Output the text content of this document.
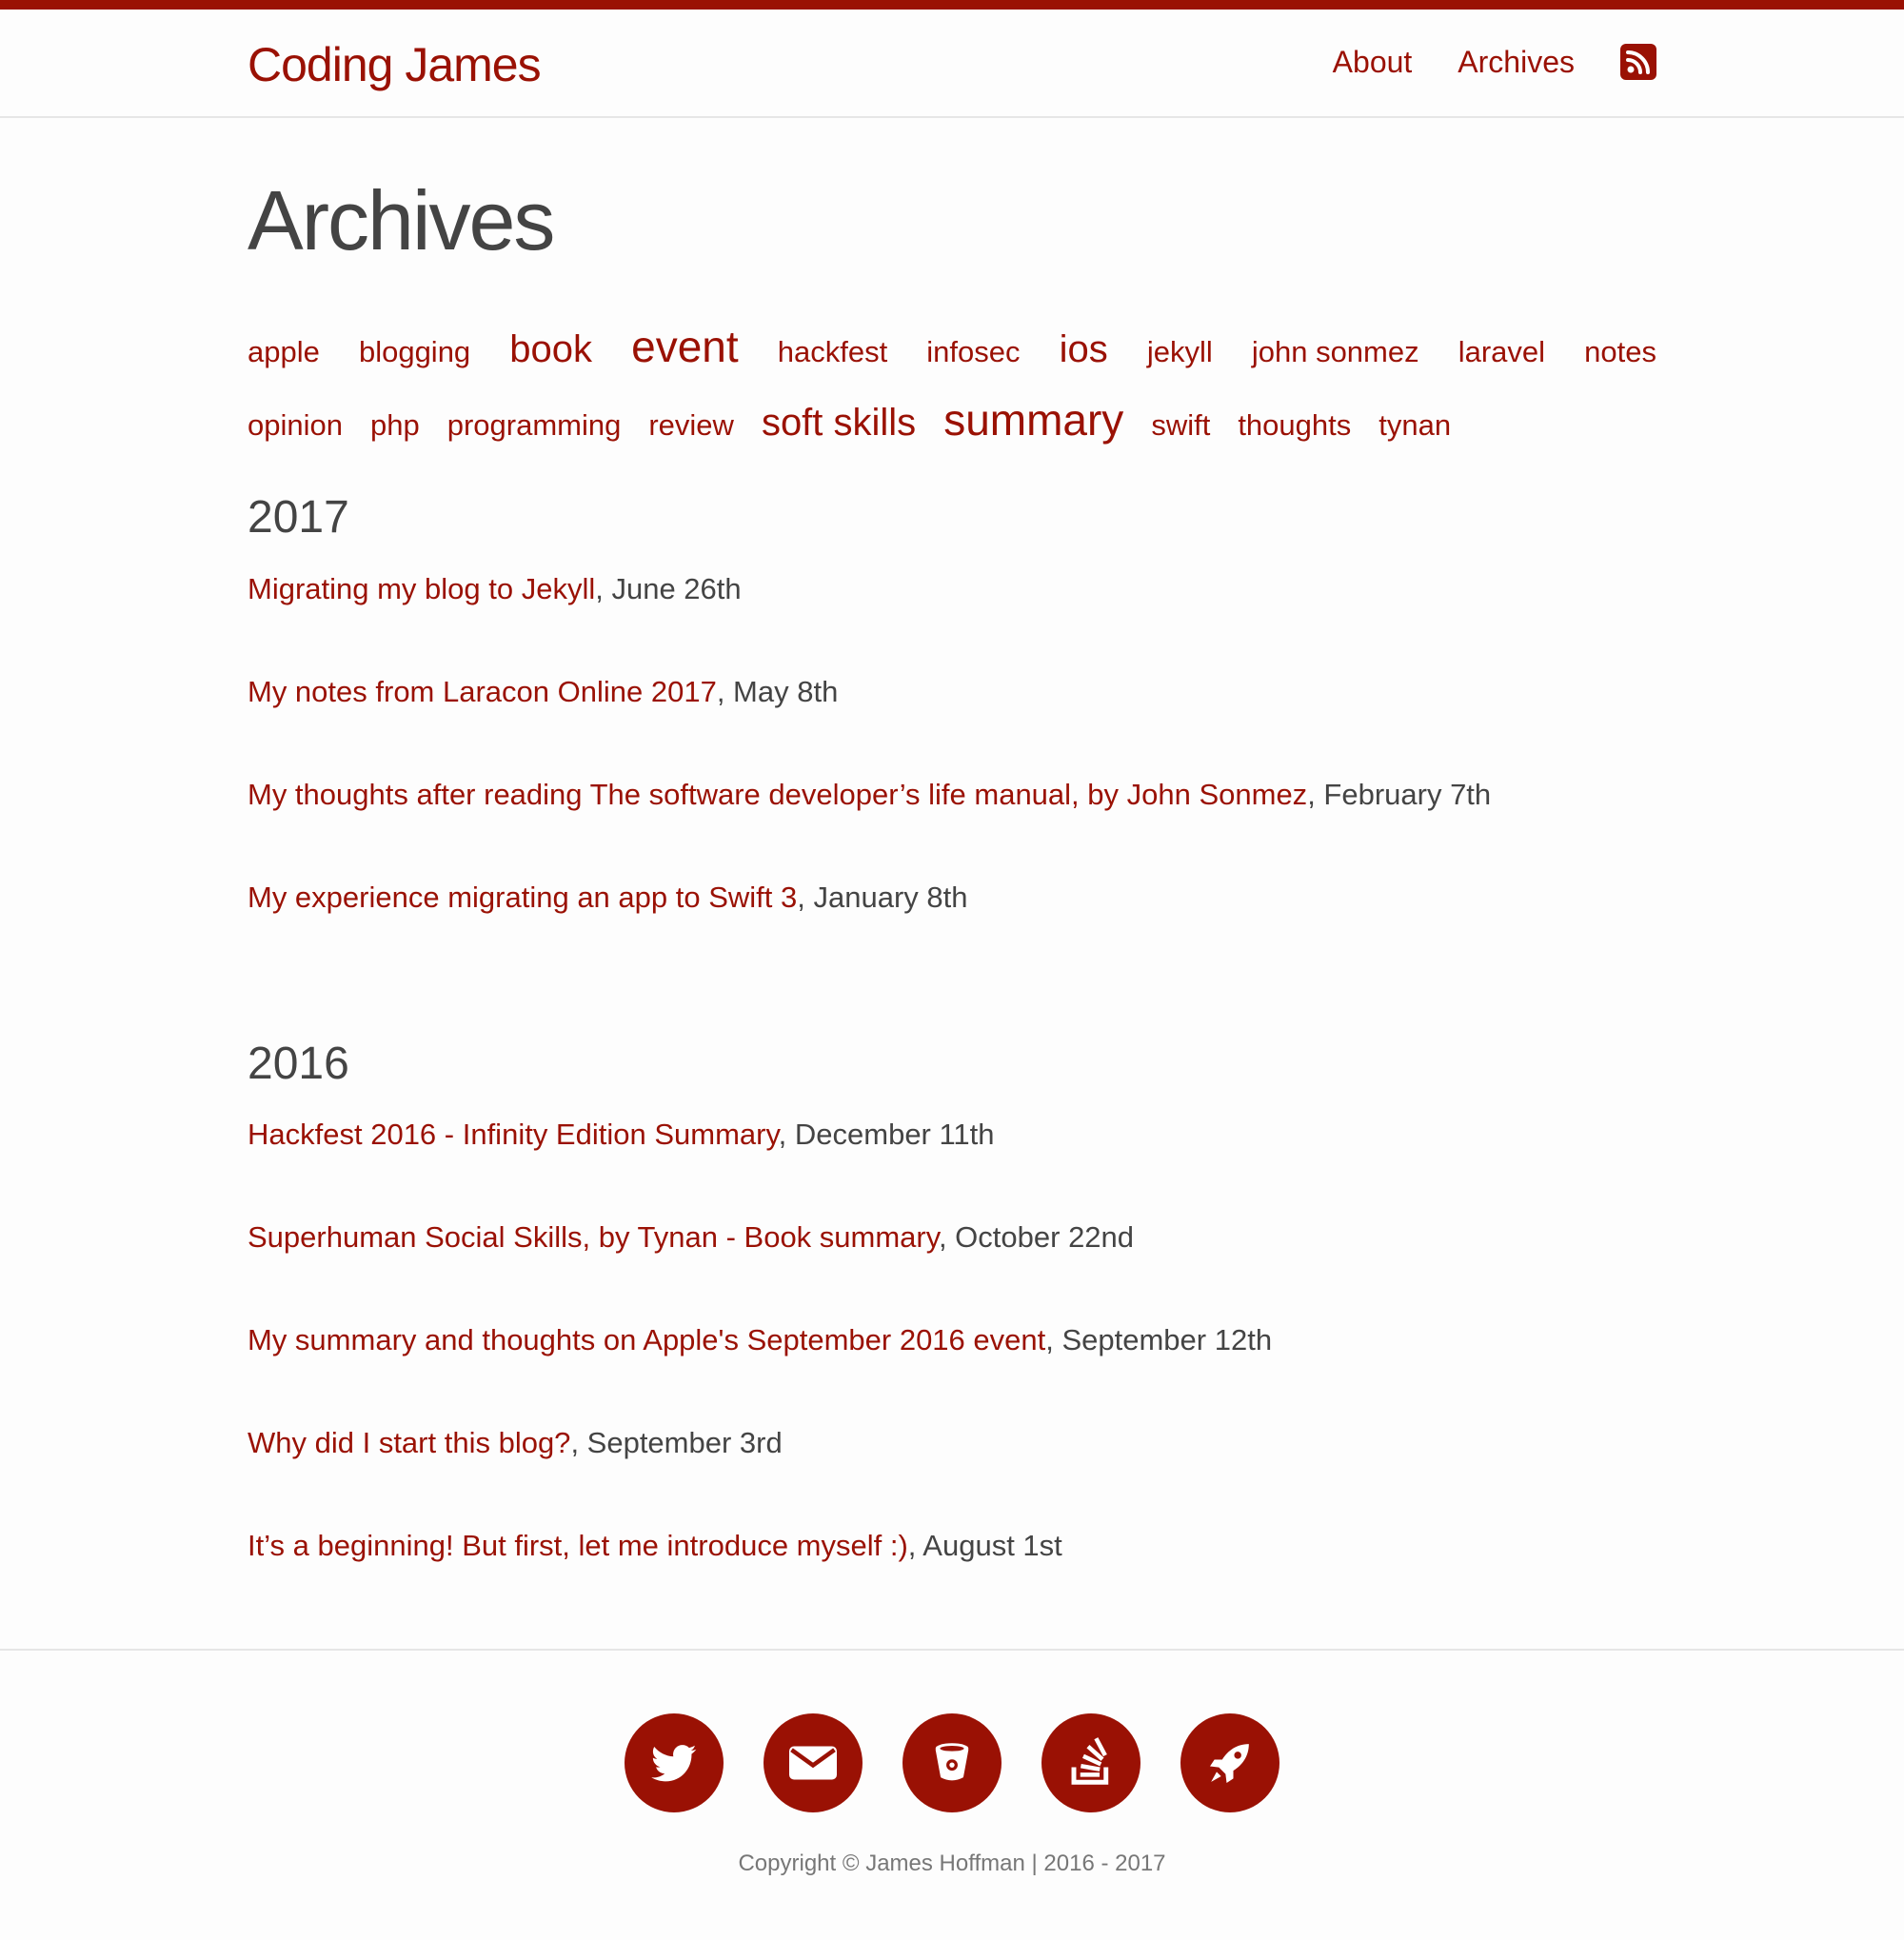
Coding James	About Archives
Archives
apple blogging book event hackfest infosec ios jekyll john sonmez laravel notes
opinion php programming review soft skills summary swift thoughts tynan
2017
Migrating my blog to Jekyll, June 26th
My notes from Laracon Online 2017, May 8th
My thoughts after reading The software developer’s life manual, by John Sonmez, February 7th
My experience migrating an app to Swift 3, January 8th
2016
Hackfest 2016 - Infinity Edition Summary, December 11th
Superhuman Social Skills, by Tynan - Book summary, October 22nd
My summary and thoughts on Apple's September 2016 event, September 12th
Why did I start this blog?, September 3rd
It’s a beginning! But first, let me introduce myself :), August 1st
Copyright © James Hoffman | 2016 - 2017
